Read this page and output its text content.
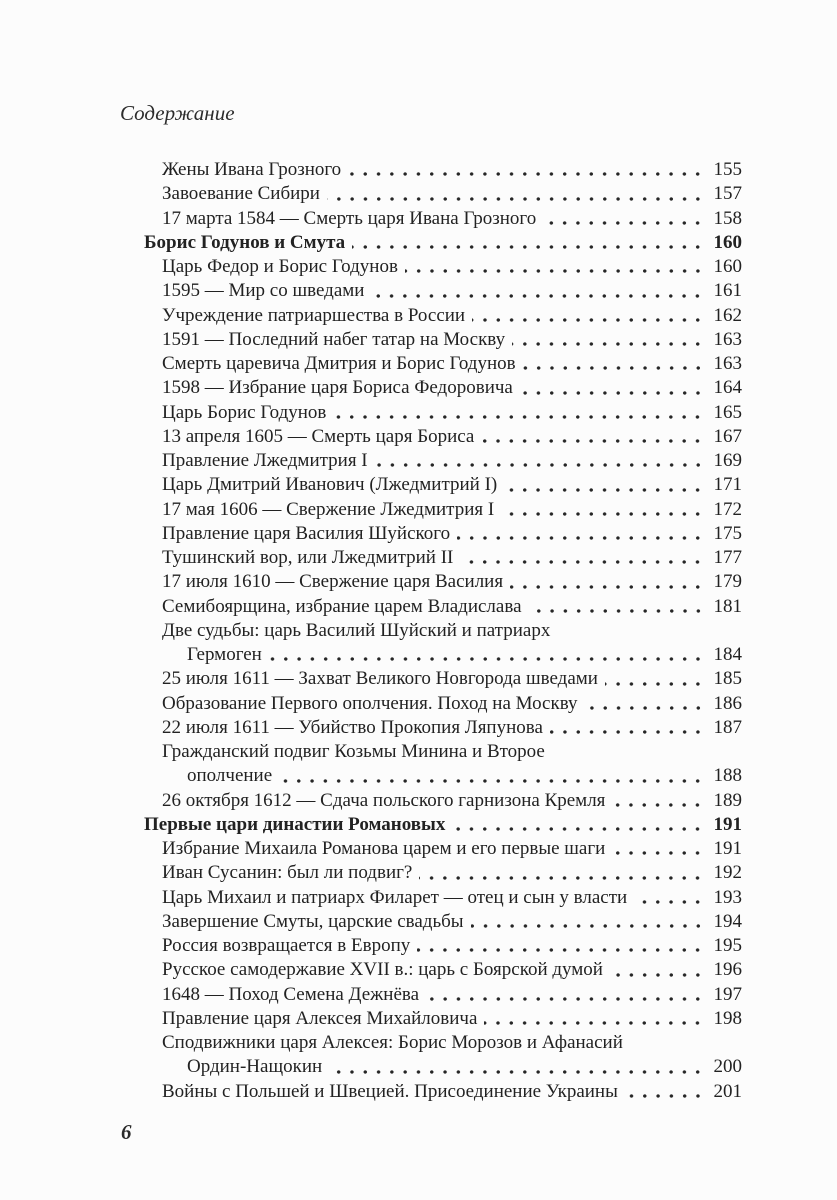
Содержание
Жены Ивана Грозного	155
Завоевание Сибири	157
17 марта 1584 — Смерть царя Ивана Грозного	158
Борис Годунов и Смута	160
Царь Федор и Борис Годунов	160
1595 — Мир со шведами	161
Учреждение патриаршества в России	162
1591 — Последний набег татар на Москву	163
Смерть царевича Дмитрия и Борис Годунов	163
1598 — Избрание царя Бориса Федоровича	164
Царь Борис Годунов	165
13 апреля 1605 — Смерть царя Бориса	167
Правление Лжедмитрия I	169
Царь Дмитрий Иванович (Лжедмитрий I)	171
17 мая 1606 — Свержение Лжедмитрия I	172
Правление царя Василия Шуйского	175
Тушинский вор, или Лжедмитрий II	177
17 июля 1610 — Свержение царя Василия	179
Семибоярщина, избрание царем Владислава	181
Две судьбы: царь Василий Шуйский и патриарх
Гермоген	184
25 июля 1611 — Захват Великого Новгорода шведами	185
Образование Первого ополчения. Поход на Москву	186
22 июля 1611 — Убийство Прокопия Ляпунова	187
Гражданский подвиг Козьмы Минина и Второе
ополчение	188
26 октября 1612 — Сдача польского гарнизона Кремля	189
Первые цари династии Романовых	191
Избрание Михаила Романова царем и его первые шаги	191
Иван Сусанин: был ли подвиг?	192
Царь Михаил и патриарх Филарет — отец и сын у власти	193
Завершение Смуты, царские свадьбы	194
Россия возвращается в Европу	195
Русское самодержавие XVII в.: царь с Боярской думой	196
1648 — Поход Семена Дежнёва	197
Правление царя Алексея Михайловича	198
Сподвижники царя Алексея: Борис Морозов и Афанасий
Ордин-Нащокин	200
Войны с Польшей и Швецией. Присоединение Украины	201
6
